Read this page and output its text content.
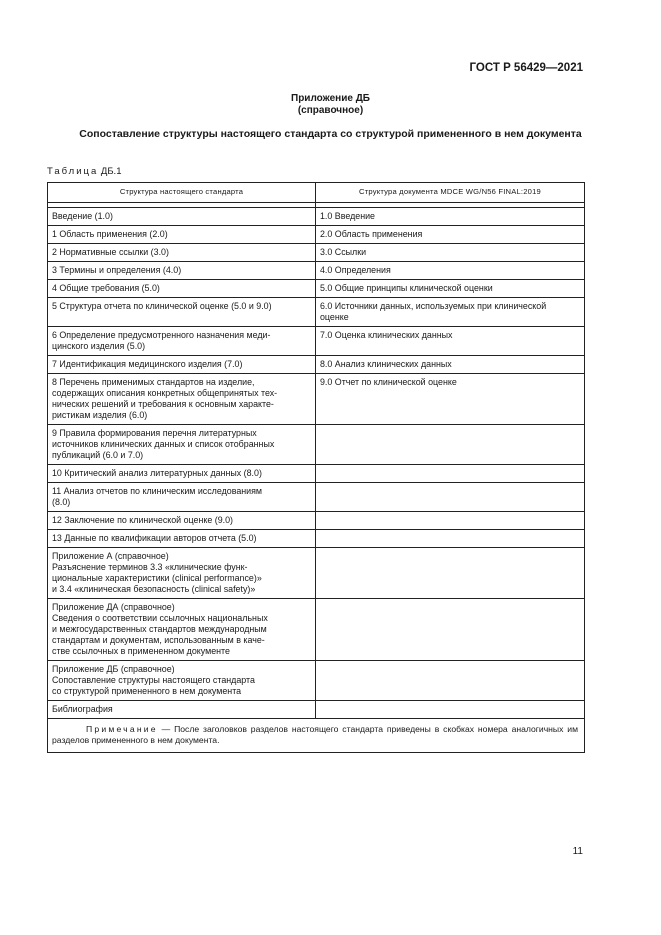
ГОСТ Р 56429—2021
Приложение ДБ
(справочное)
Сопоставление структуры настоящего стандарта со структурой примененного в нем документа
Таблица ДБ.1
Структура настоящего стандарта	Структура документа MDCE WG/N56 FINAL:2019

Введение (1.0)	1.0 Введение

1 Область применения (2.0)	2.0 Область применения

2 Нормативные ссылки (3.0)	3.0 Ссылки

3 Термины и определения (4.0)	4.0 Определения

4 Общие требования (5.0)	5.0 Общие принципы клинической оценки

5 Структура отчета по клинической оценке (5.0 и 9.0)	6.0 Источники данных, используемых при клинической
оценке

6 Определение предусмотренного назначения меди-
цинского изделия (5.0)	7.0 Оценка клинических данных

7 Идентификация медицинского изделия (7.0)	8.0 Анализ клинических данных

8 Перечень применимых стандартов на изделие,
содержащих описания конкретных общепринятых тех-
нических решений и требования к основным характе-
ристикам изделия (6.0)	9.0 Отчет по клинической оценке

9 Правила формирования перечня литературных
источников клинических данных и список отобранных
публикаций (6.0 и 7.0)	

10 Критический анализ литературных данных (8.0)	

11 Анализ отчетов по клиническим исследованиям
(8.0)	

12 Заключение по клинической оценке (9.0)	

13 Данные по квалификации авторов отчета (5.0)	

Приложение А (справочное)
Разъяснение терминов 3.3 «клинические функ-
циональные характеристики (clinical performance)»
и 3.4 «клиническая безопасность (clinical safety)»	

Приложение ДА (справочное)
Сведения о соответствии ссылочных национальных
и межгосударственных стандартов международным
стандартам и документам, использованным в каче-
стве ссылочных в примененном документе	

Приложение ДБ (справочное)
Сопоставление структуры настоящего стандарта
со структурой примененного в нем документа	

Библиография	

Примечание — После заголовков разделов настоящего стандарта приведены в скобках номера аналогичных им разделов примененного в нем документа.	
11
